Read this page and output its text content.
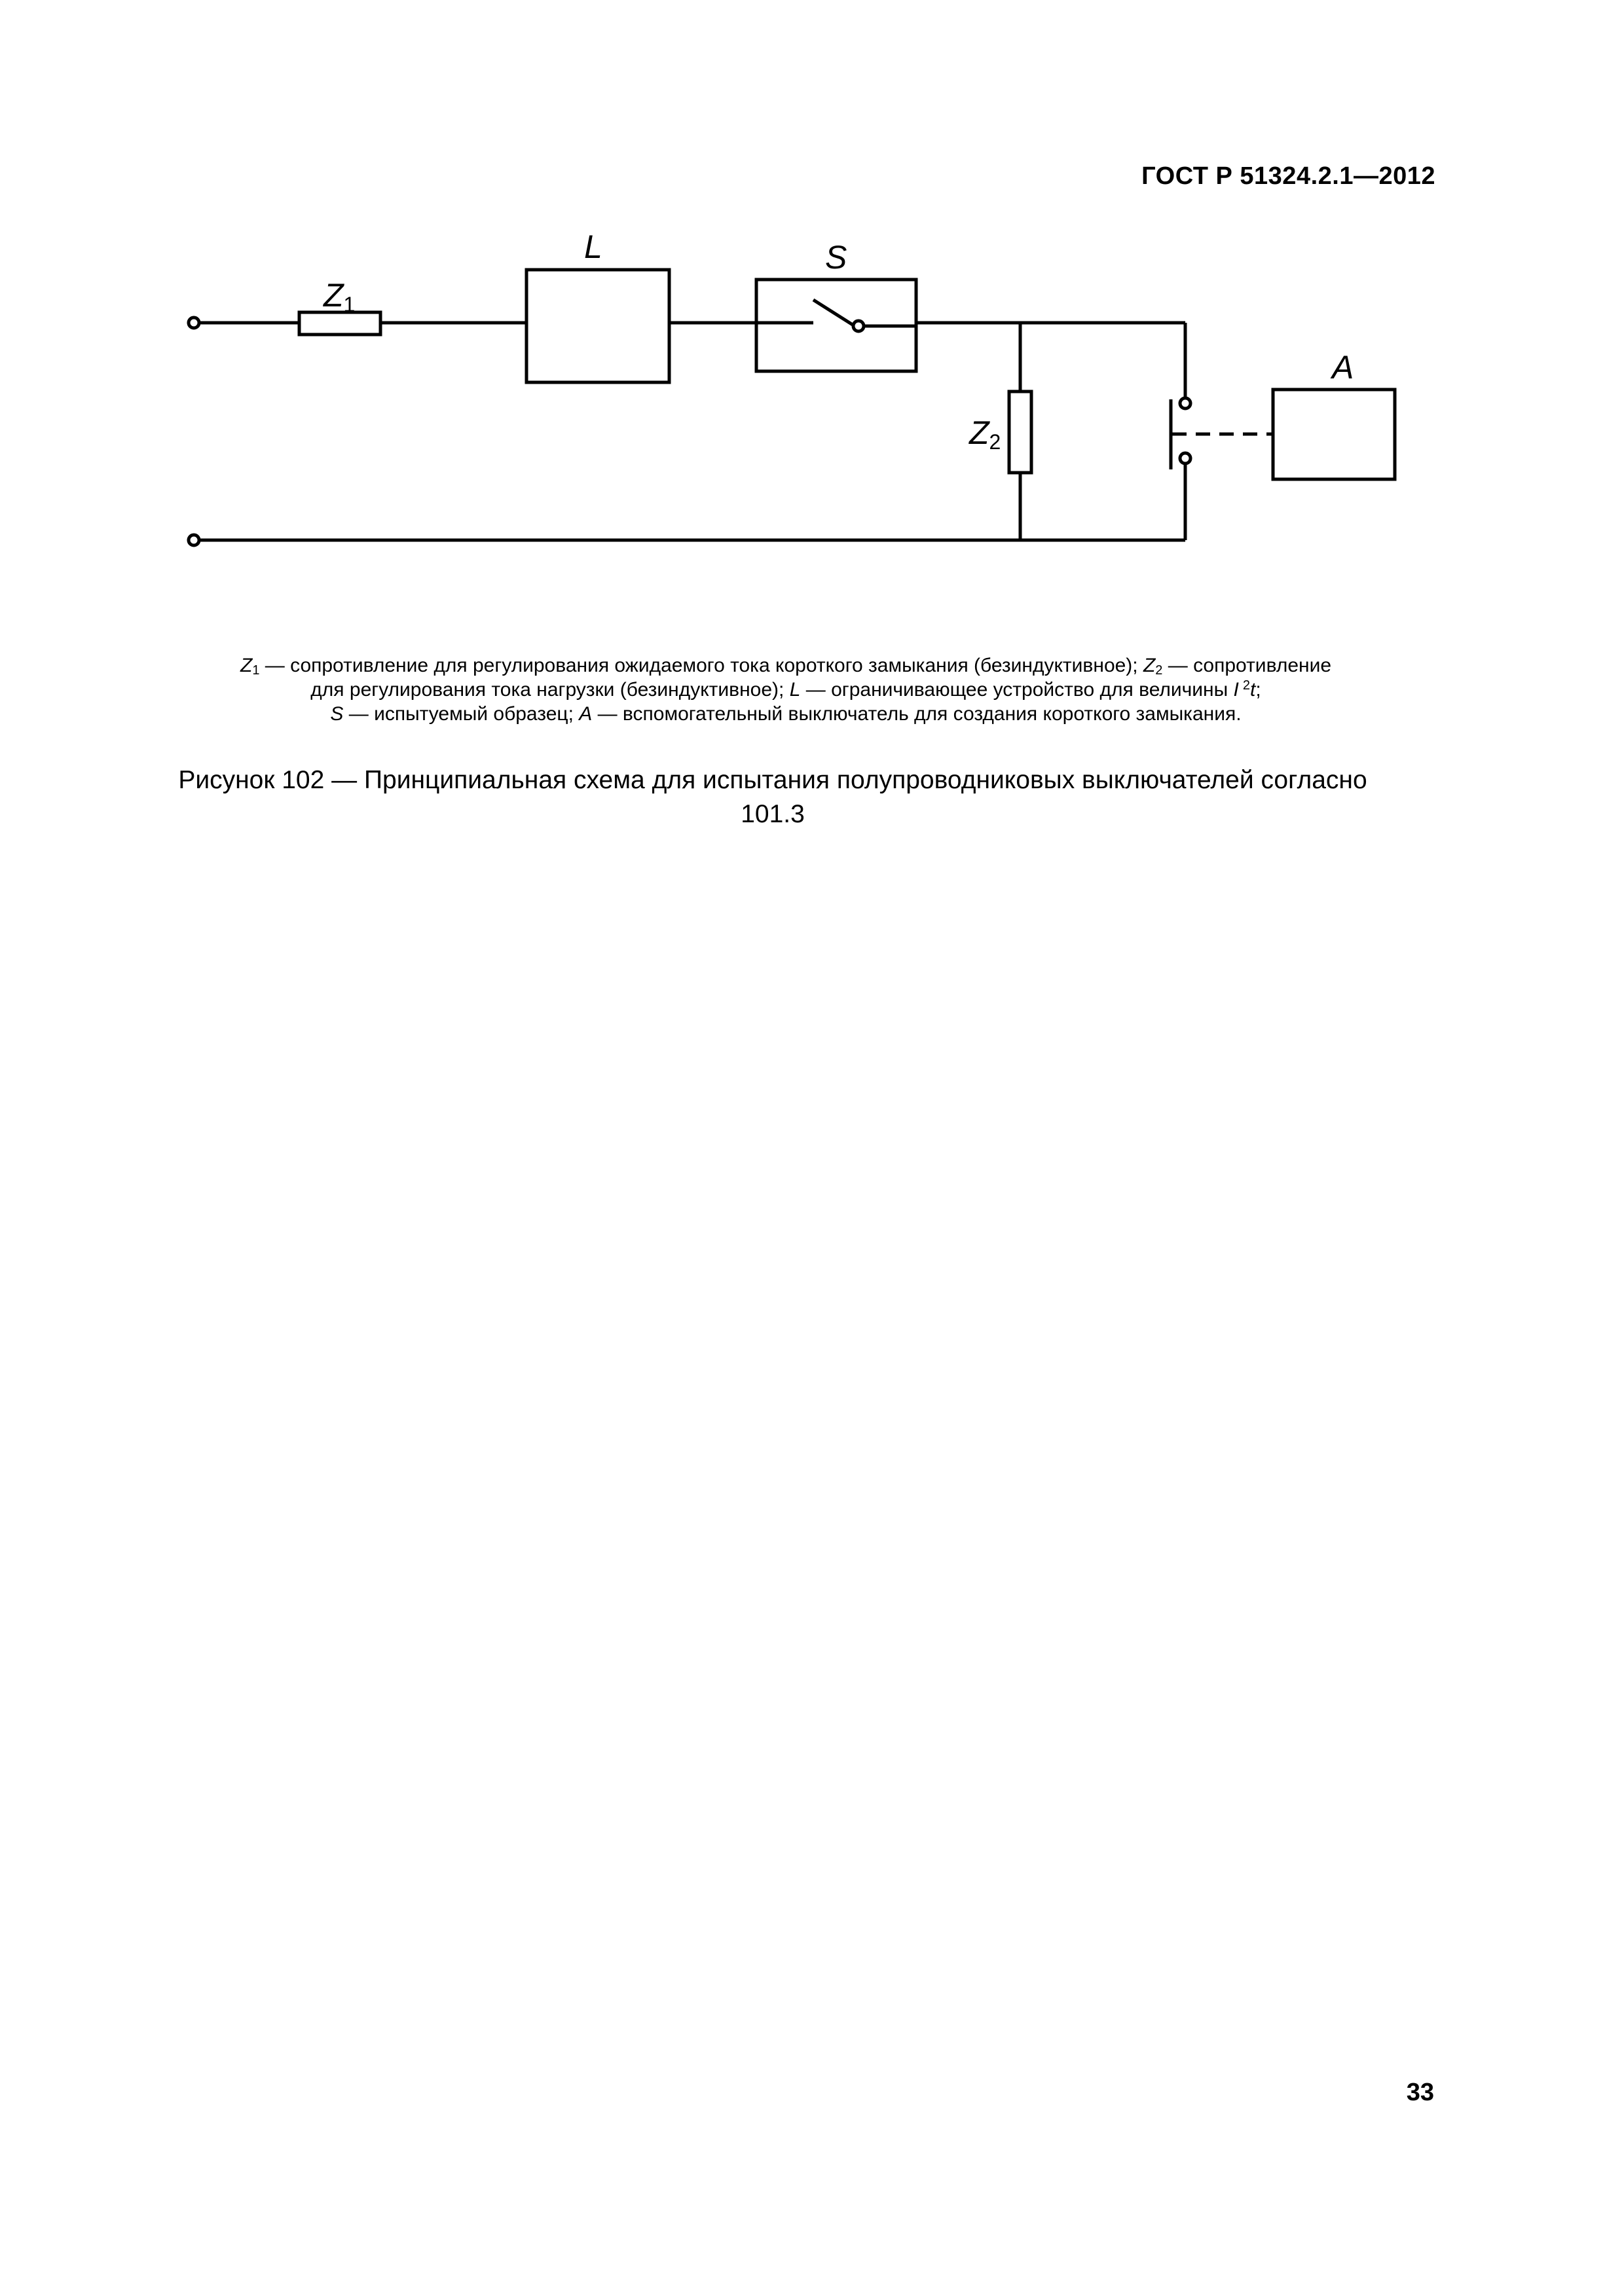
ГОСТ Р 51324.2.1—2012
Z1
L	S
Z2
A
$Z_1$ — сопротивление для регулирования ожидаемого тока короткого замыкания (безиндуктивное); $Z_2$ — сопротивление
для регулирования тока нагрузки (безиндуктивное); L — ограничивающее устройство для величины I  $^2$t;
S — испытуемый образец; A — вспомогательный выключатель для создания короткого замыкания.
Рисунок 102 — Принципиальная схема для испытания полупроводниковых выключателей согласно
101.3
33
